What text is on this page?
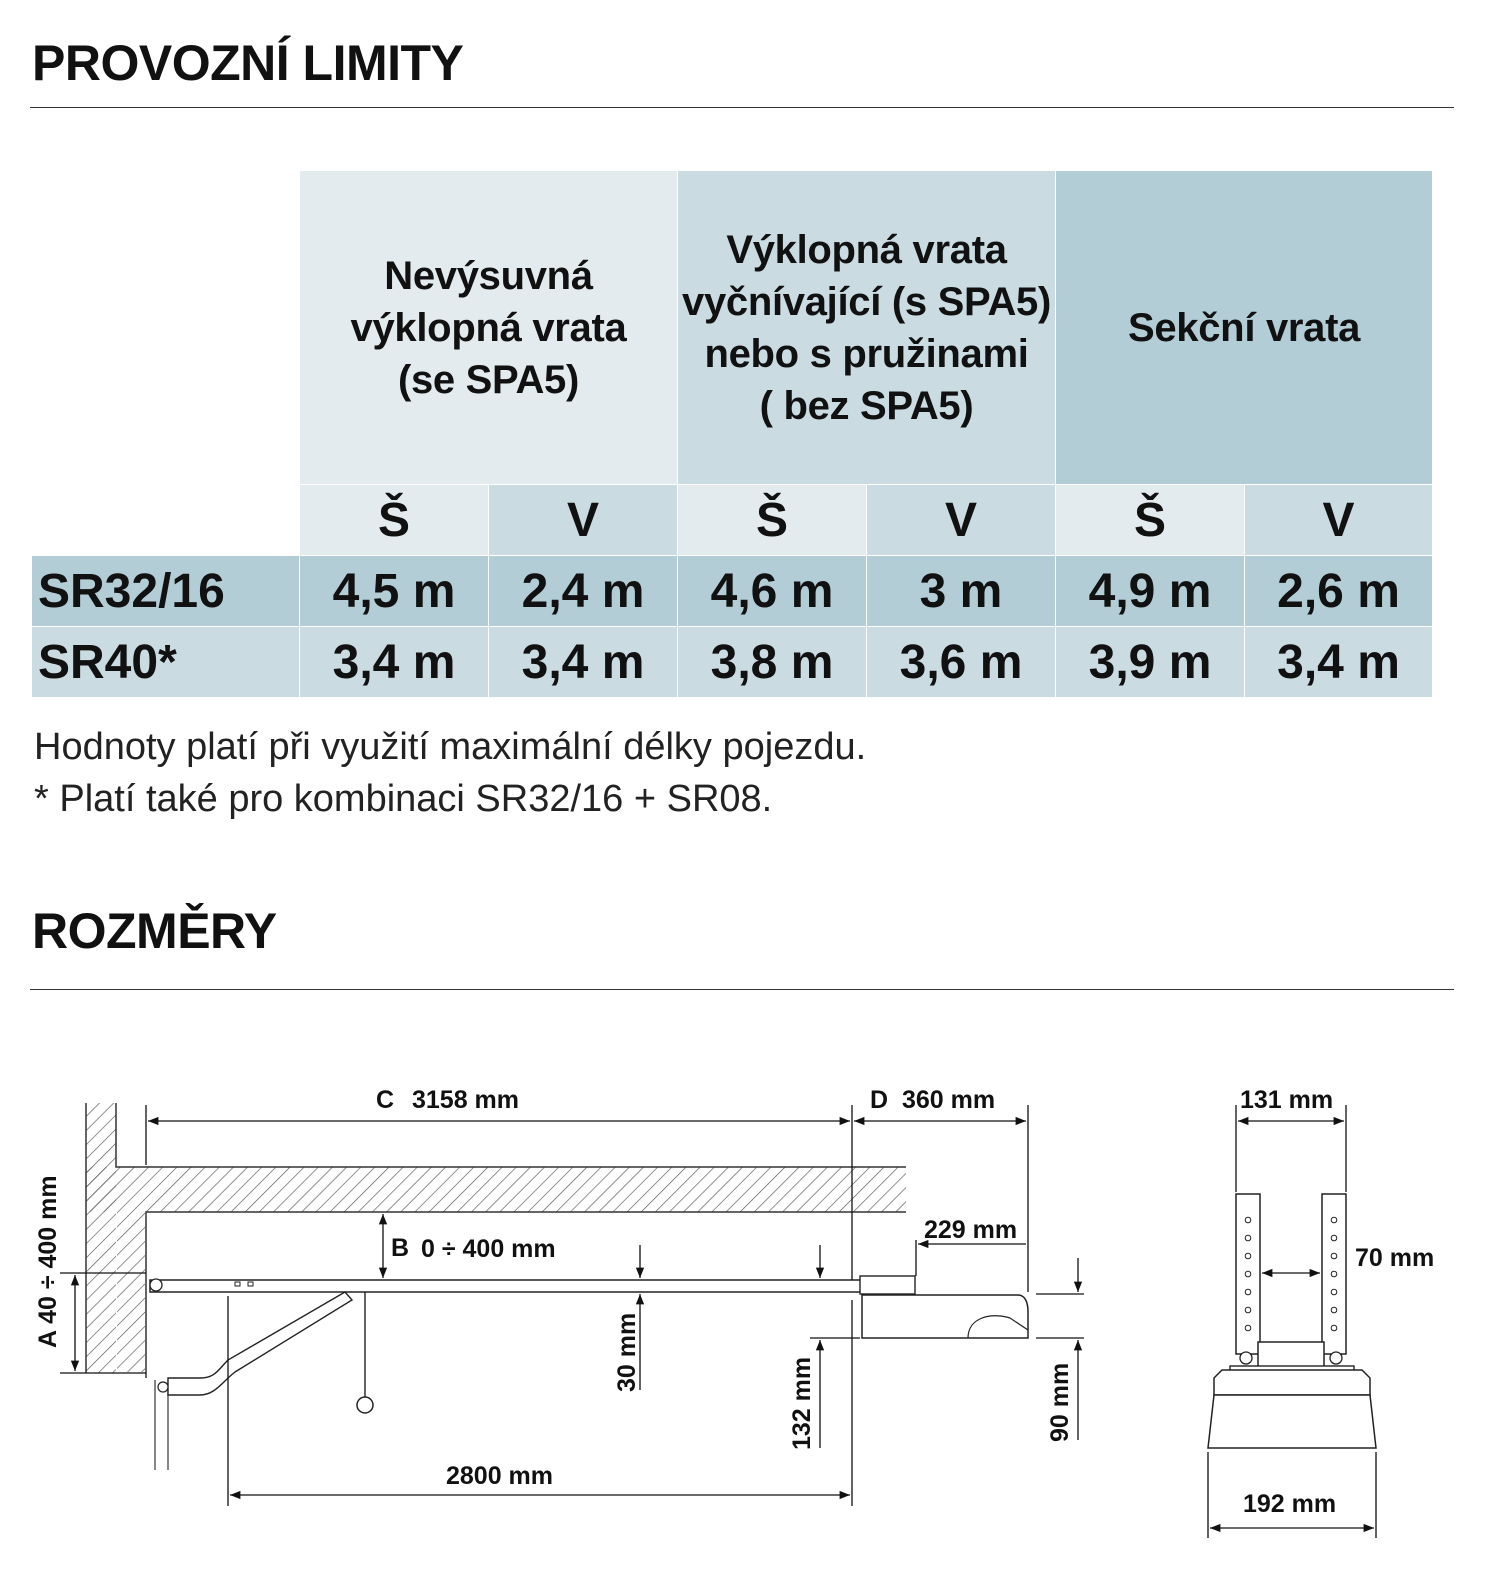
PROVOZNÍ LIMITY

	Nevýsuvná
výklopná vrata
(se SPA5)		Výklopná vrata
vyčnívající (s SPA5)
nebo s pružinami
( bez SPA5)		Sekční vrata	

	Š	V	Š	V	Š	V
SR32/16	4,5 m	2,4 m	4,6 m	3 m	4,9 m	2,6 m
SR40*	3,4 m	3,4 m	3,8 m	3,6 m	3,9 m	3,4 m
Hodnoty platí při využití maximální délky pojezdu.
* Platí také pro kombinaci SR32/16 + SR08.
ROZMĚRY
C 3158 mm	D 360 mm
B 0 ÷ 400 mm
229 mm
2800 mm
131 mm
70 mm
192 mm
A 40 ÷ 400 mm
30 mm
132 mm	90 mm
